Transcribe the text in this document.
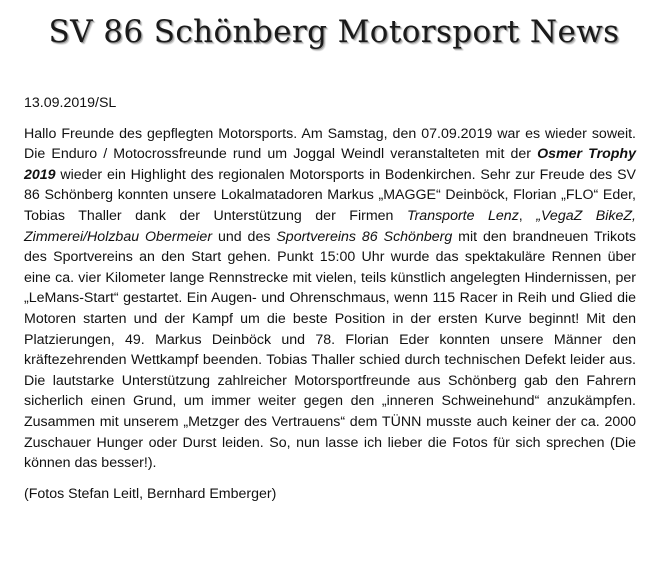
SV 86 Schönberg Motorsport News

13.09.2019/SL

Hallo Freunde des gepflegten Motorsports. Am Samstag, den 07.09.2019 war es wieder soweit. Die Enduro / Motocrossfreunde rund um Joggal Weindl veranstalteten mit der Osmer Trophy 2019 wieder ein Highlight des regionalen Motorsports in Bodenkirchen. Sehr zur Freude des SV 86 Schönberg konnten unsere Lokalmatadoren Markus „MAGGE“ Deinböck, Florian „FLO“ Eder, Tobias Thaller dank der Unterstützung der Firmen Transporte Lenz, „VegaZ BikeZ, Zimmerei/Holzbau Obermeier und des Sportvereins 86 Schönberg mit den brandneuen Trikots des Sportvereins an den Start gehen. Punkt 15:00 Uhr wurde das spektakuläre Rennen über eine ca. vier Kilometer lange Rennstrecke mit vielen, teils künstlich angelegten Hindernissen, per „LeMans-Start“ gestartet. Ein Augen- und Ohrenschmaus, wenn 115 Racer in Reih und Glied die Motoren starten und der Kampf um die beste Position in der ersten Kurve beginnt! Mit den Platzierungen, 49. Markus Deinböck und 78. Florian Eder konnten unsere Männer den kräftezehrenden Wettkampf beenden. Tobias Thaller schied durch technischen Defekt leider aus. Die lautstarke Unterstützung zahlreicher Motorsportfreunde aus Schönberg gab den Fahrern sicherlich einen Grund, um immer weiter gegen den „inneren Schweinehund“ anzukämpfen. Zusammen mit unserem „Metzger des Vertrauens“ dem TÜNN musste auch keiner der ca. 2000 Zuschauer Hunger oder Durst leiden. So, nun lasse ich lieber die Fotos für sich sprechen (Die können das besser!).

(Fotos Stefan Leitl, Bernhard Emberger)
